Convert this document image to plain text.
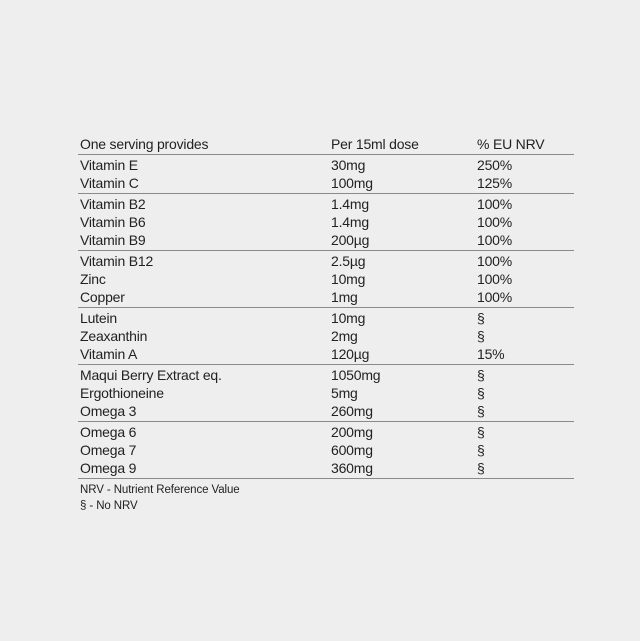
One serving provides	Per 15ml dose	% EU NRV
Vitamin E	30mg	250%
Vitamin C	100mg	125%
Vitamin B2	1.4mg	100%
Vitamin B6	1.4mg	100%
Vitamin B9	200µg	100%
Vitamin B12	2.5µg	100%
Zinc	10mg	100%
Copper	1mg	100%
Lutein	10mg	§
Zeaxanthin	2mg	§
Vitamin A	120µg	15%
Maqui Berry Extract eq.	1050mg	§
Ergothioneine	5mg	§
Omega 3	260mg	§
Omega 6	200mg	§
Omega 7	600mg	§
Omega 9	360mg	§
NRV - Nutrient Reference Value
§ - No NRV
